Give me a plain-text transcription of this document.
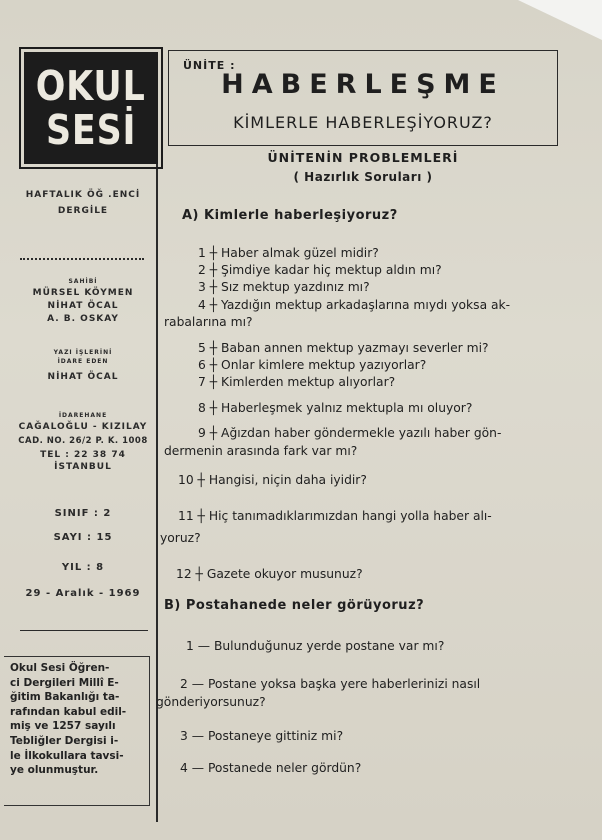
OKUL
SESİ
HAFTALIK ÖĞ .ENCİ
DERGİLE
SAHİBİ
MÜRSEL KÖYMEN
NİHAT ÖCAL
A. B. OSKAY
YAZI İŞLERİNİ
İDARE EDEN
NİHAT ÖCAL
İDAREHANE
CAĞALOĞLU - KIZILAY
CAD. NO. 26/2 P. K. 1008
TEL : 22 38 74
İSTANBUL
SINIF : 2
SAYI : 15
YIL : 8
29 - Aralık - 1969
Okul Sesi Öğren-
ci Dergileri Millî E-
ğitim Bakanlığı ta-
rafından kabul edil-
miş ve 1257 sayılı
Tebliğler Dergisi i-
le İlkokullara tavsi-
ye olunmuştur.
ÜNİTE :
HABERLEŞME
KİMLERLE HABERLEŞİYORUZ?
ÜNİTENİN PROBLEMLERİ
( Hazırlık Soruları )
A) Kimlerle haberleşiyoruz?
1 ┼ Haber almak güzel midir?
2 ┼ Şimdiye kadar hiç mektup aldın mı?
3 ┼ Sız mektup yazdınız mı?
4 ┼ Yazdığın mektup arkadaşlarına mıydı yoksa ak-
rabalarına mı?
5 ┼ Baban annen mektup yazmayı severler mi?
6 ┼ Onlar kimlere mektup yazıyorlar?
7 ┼ Kimlerden mektup alıyorlar?
8 ┼ Haberleşmek yalnız mektupla mı oluyor?
9 ┼ Ağızdan haber göndermekle yazılı haber gön-
dermenin arasında fark var mı?
10 ┼ Hangisi, niçin daha iyidir?
11 ┼ Hiç tanımadıklarımızdan hangi yolla haber alı-
yoruz?
12 ┼ Gazete okuyor musunuz?
B) Postahanede neler görüyoruz?
1 — Bulunduğunuz yerde postane var mı?
2 — Postane yoksa başka yere haberlerinizi nasıl
gönderiyorsunuz?
3 — Postaneye gittiniz mi?
4 — Postanede neler gördün?
